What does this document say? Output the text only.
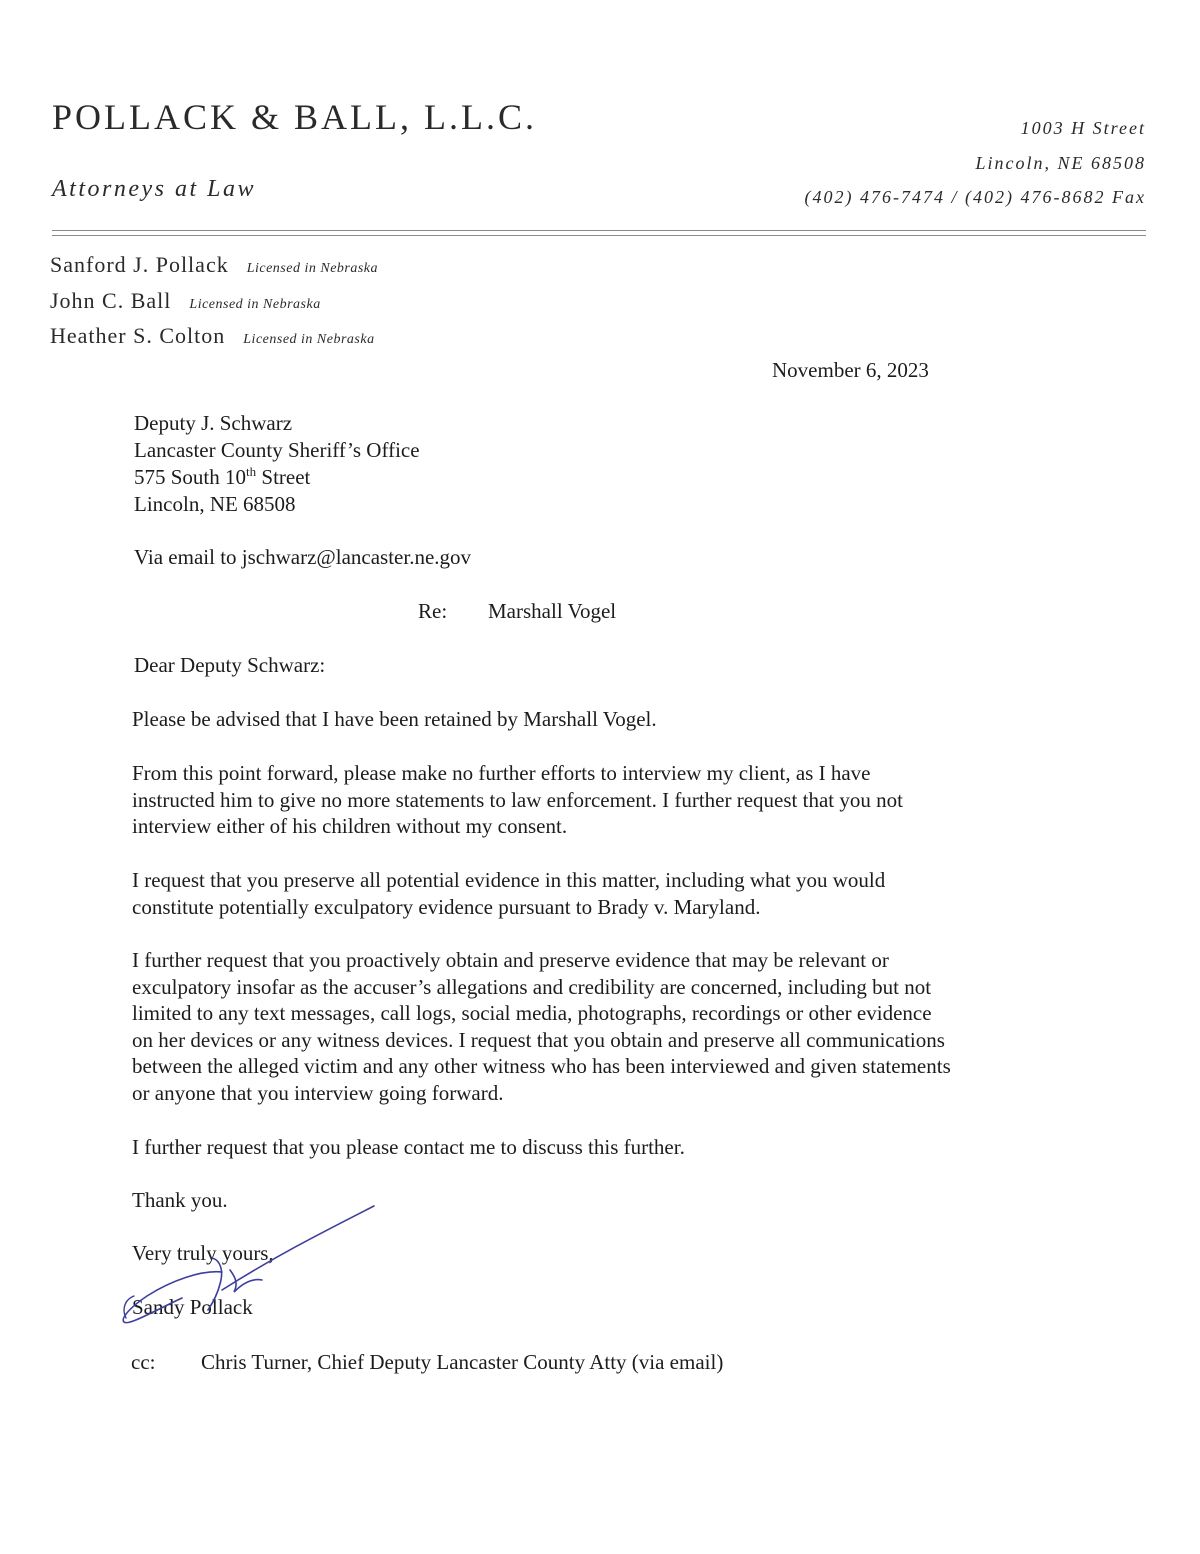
POLLACK & BALL, L.L.C.
Attorneys at Law
1003 H Street
Lincoln, NE 68508
(402) 476-7474 / (402) 476-8682 Fax
Sanford J. Pollack Licensed in Nebraska
John C. Ball Licensed in Nebraska
Heather S. Colton Licensed in Nebraska
November 6, 2023
Deputy J. Schwarz
Lancaster County Sheriff’s Office
575 South 10th Street
Lincoln, NE 68508
Via email to jschwarz@lancaster.ne.gov
Re: Marshall Vogel
Dear Deputy Schwarz:
Please be advised that I have been retained by Marshall Vogel.
From this point forward, please make no further efforts to interview my client, as I have
instructed him to give no more statements to law enforcement. I further request that you not
interview either of his children without my consent.
I request that you preserve all potential evidence in this matter, including what you would
constitute potentially exculpatory evidence pursuant to Brady v. Maryland.
I further request that you proactively obtain and preserve evidence that may be relevant or
exculpatory insofar as the accuser’s allegations and credibility are concerned, including but not
limited to any text messages, call logs, social media, photographs, recordings or other evidence
on her devices or any witness devices. I request that you obtain and preserve all communications
between the alleged victim and any other witness who has been interviewed and given statements
or anyone that you interview going forward.
I further request that you please contact me to discuss this further.
Thank you.
Very truly yours,
Sandy Pollack
cc: Chris Turner, Chief Deputy Lancaster County Atty (via email)
